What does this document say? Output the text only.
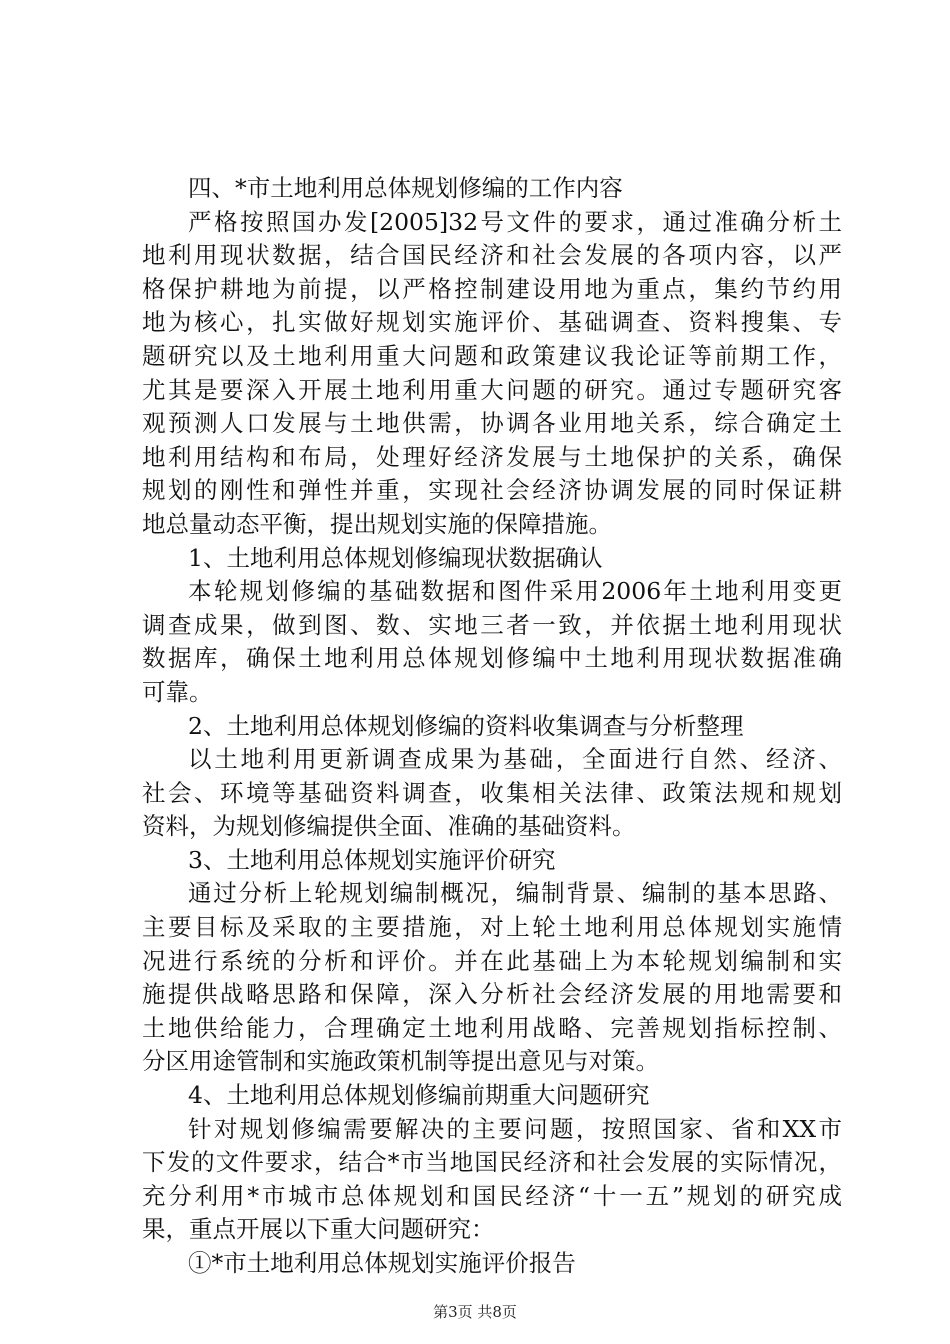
四、*市土地利用总体规划修编的工作内容
严格按照国办发[2005]32号文件的要求，通过准确分析土
地利用现状数据，结合国民经济和社会发展的各项内容，以严
格保护耕地为前提，以严格控制建设用地为重点，集约节约用
地为核心，扎实做好规划实施评价、基础调查、资料搜集、专
题研究以及土地利用重大问题和政策建议我论证等前期工作，
尤其是要深入开展土地利用重大问题的研究。通过专题研究客
观预测人口发展与土地供需，协调各业用地关系，综合确定土
地利用结构和布局，处理好经济发展与土地保护的关系，确保
规划的刚性和弹性并重，实现社会经济协调发展的同时保证耕
地总量动态平衡，提出规划实施的保障措施。
1、土地利用总体规划修编现状数据确认
本轮规划修编的基础数据和图件采用2006年土地利用变更
调查成果，做到图、数、实地三者一致，并依据土地利用现状
数据库，确保土地利用总体规划修编中土地利用现状数据准确
可靠。
2、土地利用总体规划修编的资料收集调查与分析整理
以土地利用更新调查成果为基础，全面进行自然、经济、
社会、环境等基础资料调查，收集相关法律、政策法规和规划
资料，为规划修编提供全面、准确的基础资料。
3、土地利用总体规划实施评价研究
通过分析上轮规划编制概况，编制背景、编制的基本思路、
主要目标及采取的主要措施，对上轮土地利用总体规划实施情
况进行系统的分析和评价。并在此基础上为本轮规划编制和实
施提供战略思路和保障，深入分析社会经济发展的用地需要和
土地供给能力，合理确定土地利用战略、完善规划指标控制、
分区用途管制和实施政策机制等提出意见与对策。
4、土地利用总体规划修编前期重大问题研究
针对规划修编需要解决的主要问题，按照国家、省和XX市
下发的文件要求，结合*市当地国民经济和社会发展的实际情况，
充分利用*市城市总体规划和国民经济“十一五”规划的研究成
果，重点开展以下重大问题研究：
①*市土地利用总体规划实施评价报告
第3页 共8页
